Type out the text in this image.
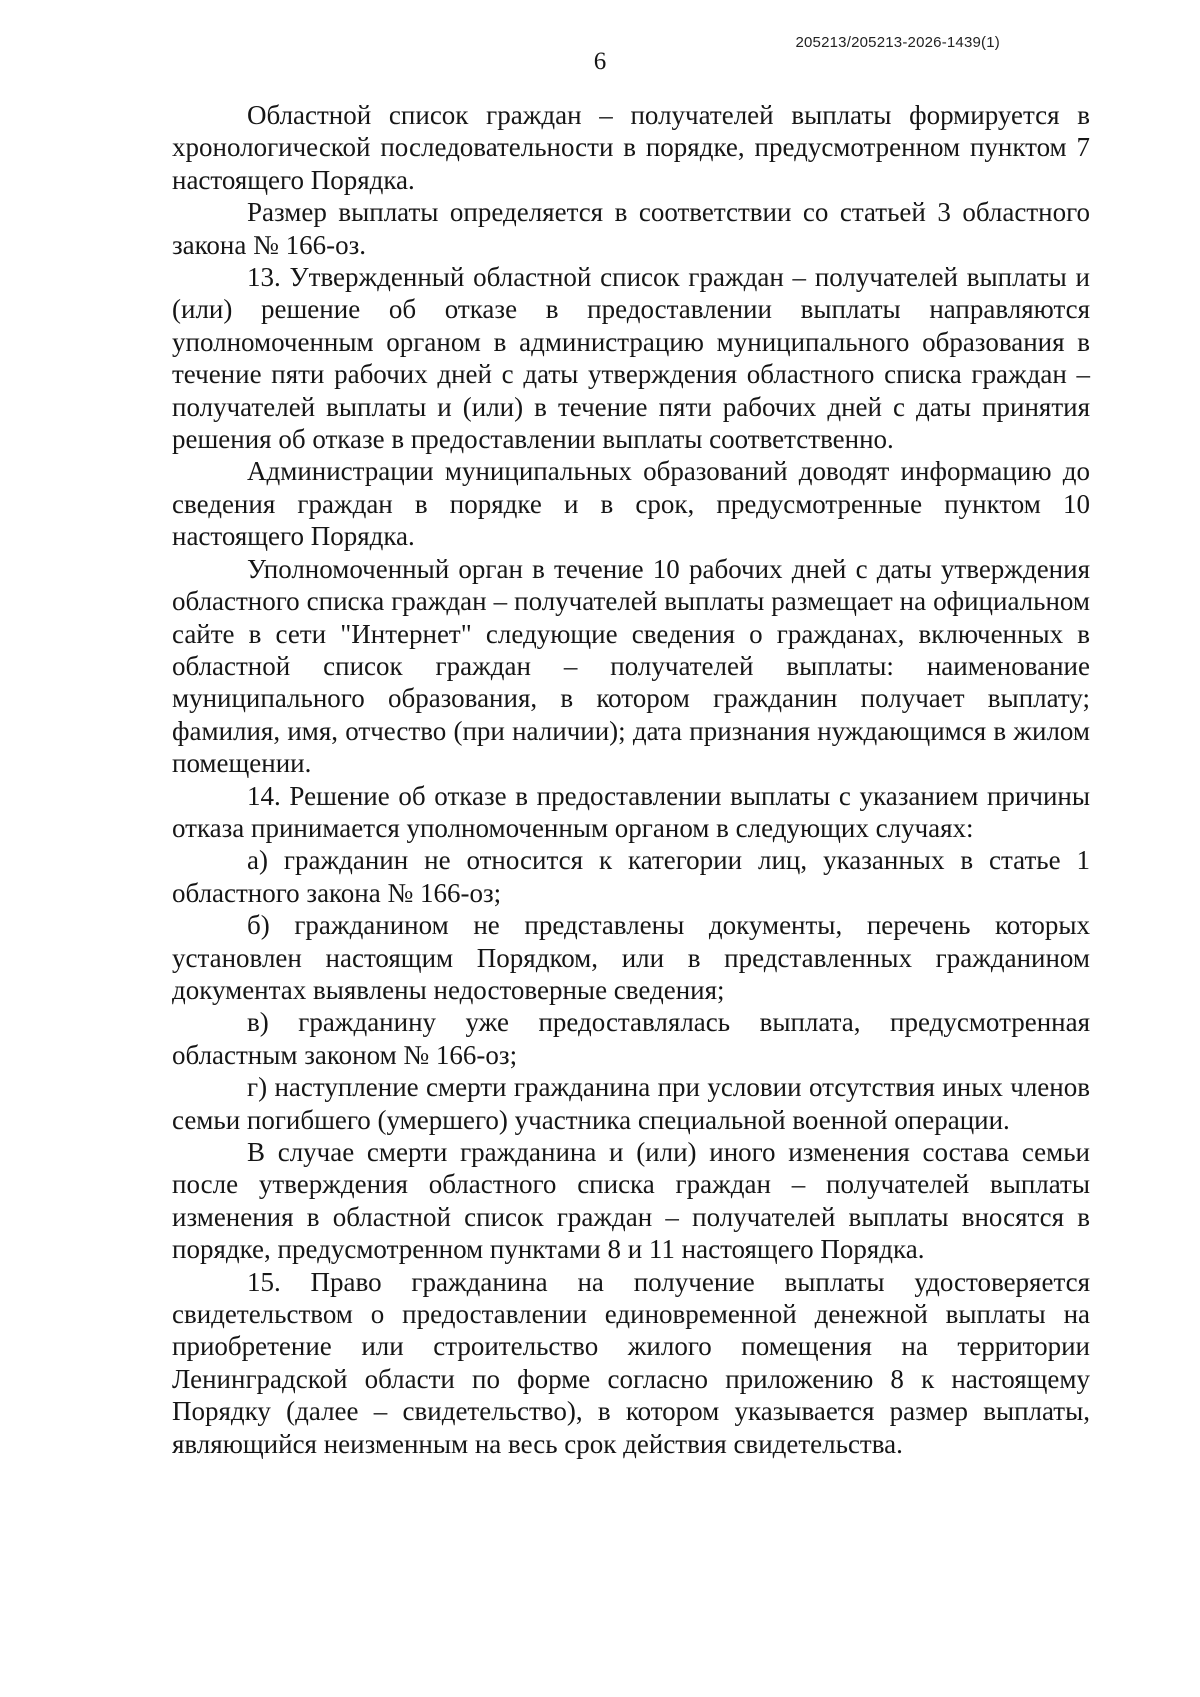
205213/205213-2026-1439(1)
6

Областной список граждан – получателей выплаты формируется в хронологической последовательности в порядке, предусмотренном пунктом 7 настоящего Порядка.

Размер выплаты определяется в соответствии со статьей 3 областного закона № 166-оз.

13. Утвержденный областной список граждан – получателей выплаты и (или) решение об отказе в предоставлении выплаты направляются уполномоченным органом в администрацию муниципального образования в течение пяти рабочих дней с даты утверждения областного списка граждан – получателей выплаты и (или) в течение пяти рабочих дней с даты принятия решения об отказе в предоставлении выплаты соответственно.

Администрации муниципальных образований доводят информацию до сведения граждан в порядке и в срок, предусмотренные пунктом 10 настоящего Порядка.

Уполномоченный орган в течение 10 рабочих дней с даты утверждения областного списка граждан – получателей выплаты размещает на официальном сайте в сети "Интернет" следующие сведения о гражданах, включенных в областной список граждан – получателей выплаты: наименование муниципального образования, в котором гражданин получает выплату; фамилия, имя, отчество (при наличии); дата признания нуждающимся в жилом помещении.

14. Решение об отказе в предоставлении выплаты с указанием причины отказа принимается уполномоченным органом в следующих случаях:

а) гражданин не относится к категории лиц, указанных в статье 1 областного закона № 166-оз;

б) гражданином не представлены документы, перечень которых установлен настоящим Порядком, или в представленных гражданином документах выявлены недостоверные сведения;

в) гражданину уже предоставлялась выплата, предусмотренная областным законом № 166-оз;

г) наступление смерти гражданина при условии отсутствия иных членов семьи погибшего (умершего) участника специальной военной операции.

В случае смерти гражданина и (или) иного изменения состава семьи после утверждения областного списка граждан – получателей выплаты изменения в областной список граждан – получателей выплаты вносятся в порядке, предусмотренном пунктами 8 и 11 настоящего Порядка.

15. Право гражданина на получение выплаты удостоверяется свидетельством о предоставлении единовременной денежной выплаты на приобретение или строительство жилого помещения на территории Ленинградской области по форме согласно приложению 8 к настоящему Порядку (далее – свидетельство), в котором указывается размер выплаты, являющийся неизменным на весь срок действия свидетельства.
